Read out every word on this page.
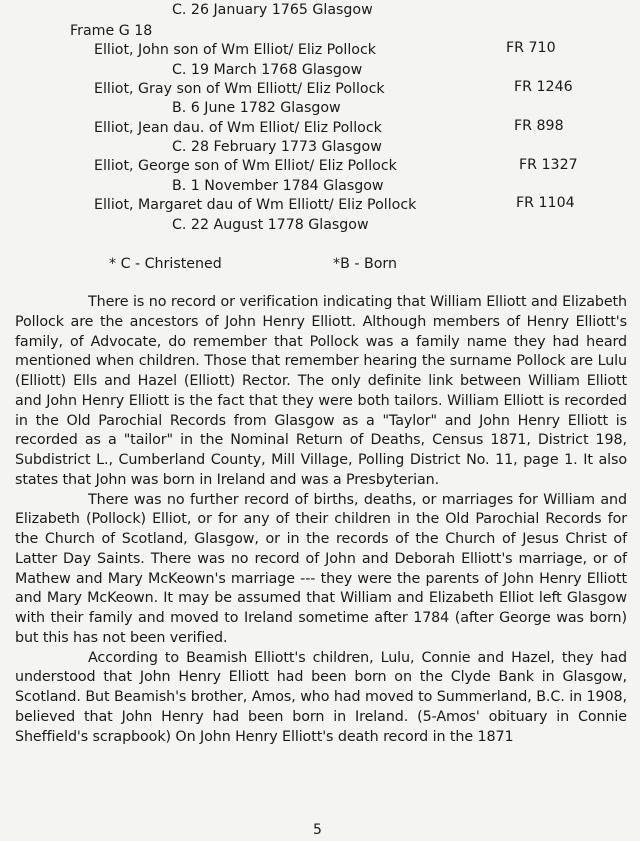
C. 26 January 1765 Glasgow
Frame G 18
Elliot, John son of Wm Elliot/ Eliz Pollock	FR 710
C. 19 March 1768 Glasgow
Elliot, Gray son of Wm Elliott/ Eliz Pollock	FR 1246
B. 6 June 1782 Glasgow
Elliot, Jean dau. of Wm Elliot/ Eliz Pollock	FR 898
C. 28 February 1773 Glasgow
Elliot, George son of Wm Elliot/ Eliz Pollock	FR 1327
B. 1 November 1784 Glasgow
Elliot, Margaret dau of Wm Elliott/ Eliz Pollock	FR 1104
C. 22 August 1778 Glasgow
* C - Christened	*B - Born

There is no record or verification indicating that William Elliott and Elizabeth Pollock are the ancestors of John Henry Elliott. Although members of Henry Elliott's family, of Advocate, do remember that Pollock was a family name they had heard mentioned when children. Those that remember hearing the surname Pollock are Lulu (Elliott) Ells and Hazel (Elliott) Rector. The only definite link between William Elliott and John Henry Elliott is the fact that they were both tailors. William Elliott is recorded in the Old Parochial Records from Glasgow as a "Taylor" and John Henry Elliott is recorded as a "tailor" in the Nominal Return of Deaths, Census 1871, District 198, Subdistrict L., Cumberland County, Mill Village, Polling District No. 11, page 1. It also states that John was born in Ireland and was a Presbyterian.

There was no further record of births, deaths, or marriages for William and Elizabeth (Pollock) Elliot, or for any of their children in the Old Parochial Records for the Church of Scotland, Glasgow, or in the records of the Church of Jesus Christ of Latter Day Saints. There was no record of John and Deborah Elliott's marriage, or of Mathew and Mary McKeown's marriage --- they were the parents of John Henry Elliott and Mary McKeown. It may be assumed that William and Elizabeth Elliot left Glasgow with their family and moved to Ireland sometime after 1784 (after George was born) but this has not been verified.

According to Beamish Elliott's children, Lulu, Connie and Hazel, they had understood that John Henry Elliott had been born on the Clyde Bank in Glasgow, Scotland. But Beamish's brother, Amos, who had moved to Summerland, B.C. in 1908, believed that John Henry had been born in Ireland. (5-Amos' obituary in Connie Sheffield's scrapbook) On John Henry Elliott's death record in the 1871

5
